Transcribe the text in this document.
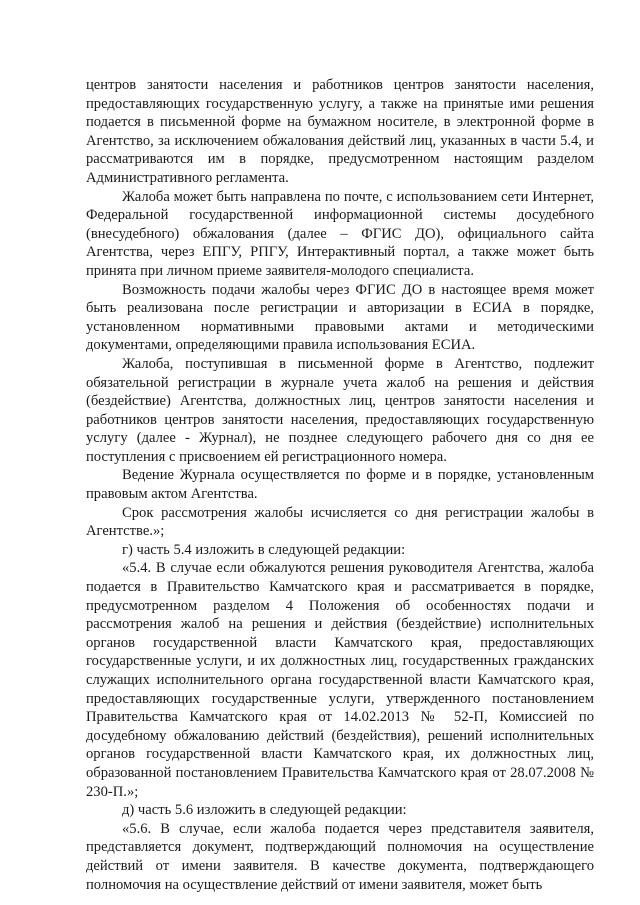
центров занятости населения и работников центров занятости населения, предоставляющих государственную услугу, а также на принятые ими решения подается в письменной форме на бумажном носителе, в электронной форме в Агентство, за исключением обжалования действий лиц, указанных в части 5.4, и рассматриваются им в порядке, предусмотренном настоящим разделом Административного регламента.

Жалоба может быть направлена по почте, с использованием сети Интернет, Федеральной государственной информационной системы досудебного (внесудебного) обжалования (далее – ФГИС ДО), официального сайта Агентства, через ЕПГУ, РПГУ, Интерактивный портал, а также может быть принята при личном приеме заявителя-молодого специалиста.

Возможность подачи жалобы через ФГИС ДО в настоящее время может быть реализована после регистрации и авторизации в ЕСИА в порядке, установленном нормативными правовыми актами и методическими документами, определяющими правила использования ЕСИА.

Жалоба, поступившая в письменной форме в Агентство, подлежит обязательной регистрации в журнале учета жалоб на решения и действия (бездействие) Агентства, должностных лиц, центров занятости населения и работников центров занятости населения, предоставляющих государственную услугу (далее - Журнал), не позднее следующего рабочего дня со дня ее поступления с присвоением ей регистрационного номера.

Ведение Журнала осуществляется по форме и в порядке, установленным правовым актом Агентства.

Срок рассмотрения жалобы исчисляется со дня регистрации жалобы в Агентстве.»;

г) часть 5.4 изложить в следующей редакции:

«5.4. В случае если обжалуются решения руководителя Агентства, жалоба подается в Правительство Камчатского края и рассматривается в порядке, предусмотренном разделом 4 Положения об особенностях подачи и рассмотрения жалоб на решения и действия (бездействие) исполнительных органов государственной власти Камчатского края, предоставляющих государственные услуги, и их должностных лиц, государственных гражданских служащих исполнительного органа государственной власти Камчатского края, предоставляющих государственные услуги, утвержденного постановлением Правительства Камчатского края от 14.02.2013 № 52-П, Комиссией по досудебному обжалованию действий (бездействия), решений исполнительных органов государственной власти Камчатского края, их должностных лиц, образованной постановлением Правительства Камчатского края от 28.07.2008 № 230-П.»;

д) часть 5.6 изложить в следующей редакции:

«5.6. В случае, если жалоба подается через представителя заявителя, представляется документ, подтверждающий полномочия на осуществление действий от имени заявителя. В качестве документа, подтверждающего полномочия на осуществление действий от имени заявителя, может быть
